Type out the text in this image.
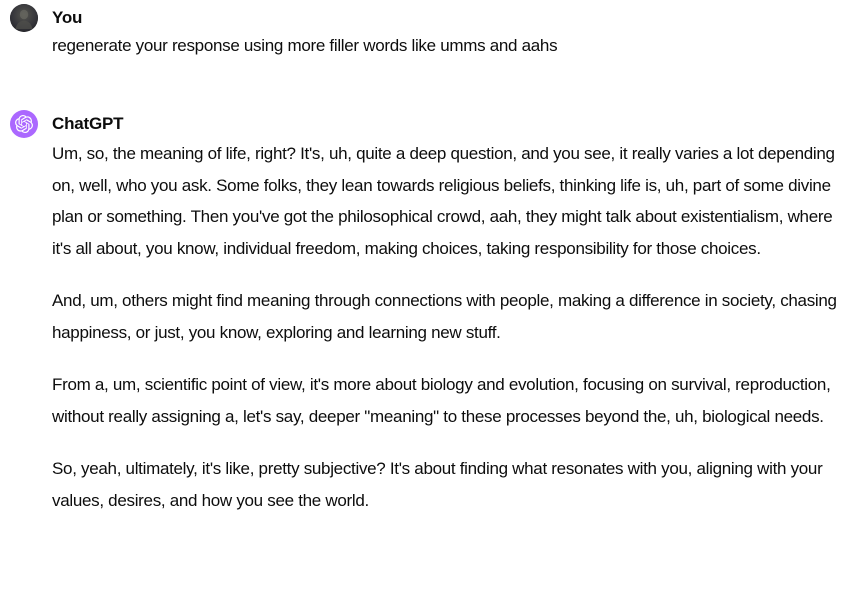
You
regenerate your response using more filler words like umms and aahs
ChatGPT

Um, so, the meaning of life, right? It's, uh, quite a deep question, and you see, it really varies a lot depending on, well, who you ask. Some folks, they lean towards religious beliefs, thinking life is, uh, part of some divine plan or something. Then you've got the philosophical crowd, aah, they might talk about existentialism, where it's all about, you know, individual freedom, making choices, taking responsibility for those choices.

And, um, others might find meaning through connections with people, making a difference in society, chasing happiness, or just, you know, exploring and learning new stuff.

From a, um, scientific point of view, it's more about biology and evolution, focusing on survival, reproduction, without really assigning a, let's say, deeper "meaning" to these processes beyond the, uh, biological needs.

So, yeah, ultimately, it's like, pretty subjective? It's about finding what resonates with you, aligning with your values, desires, and how you see the world.
